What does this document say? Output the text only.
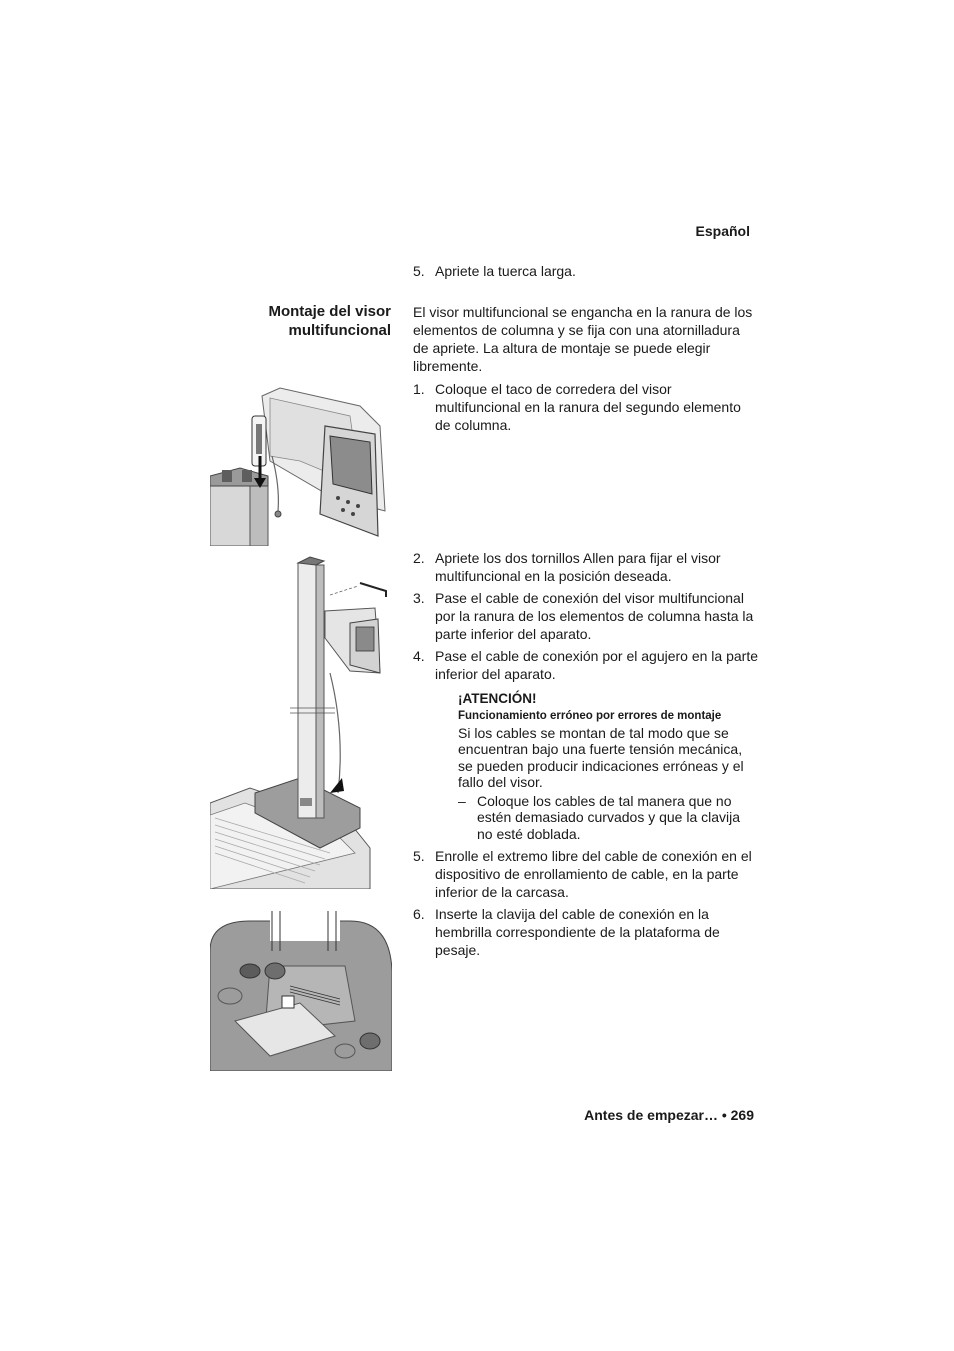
Español
5. Apriete la tuerca larga.
Montaje del visor
multifuncional
El visor multifuncional se engancha en la ranura de los elementos de columna y se fija con una atornilladura de apriete. La altura de montaje se puede elegir libremente.
1. Coloque el taco de corredera del visor multifuncional en la ranura del segundo elemento de columna.
2. Apriete los dos tornillos Allen para fijar el visor multifuncional en la posición deseada.
3. Pase el cable de conexión del visor multifuncional por la ranura de los elementos de columna hasta la parte inferior del aparato.
4. Pase el cable de conexión por el agujero en la parte inferior del aparato.
¡ATENCIÓN!
Funcionamiento erróneo por errores de montaje
Si los cables se montan de tal modo que se encuentran bajo una fuerte tensión mecánica, se pueden producir indicaciones erróneas y el fallo del visor.
– Coloque los cables de tal manera que no estén demasiado curvados y que la clavija no esté doblada.
5. Enrolle el extremo libre del cable de conexión en el dispositivo de enrollamiento de cable, en la parte inferior de la carcasa.
6. Inserte la clavija del cable de conexión en la hembrilla correspondiente de la plataforma de pesaje.
Antes de empezar… • 269
